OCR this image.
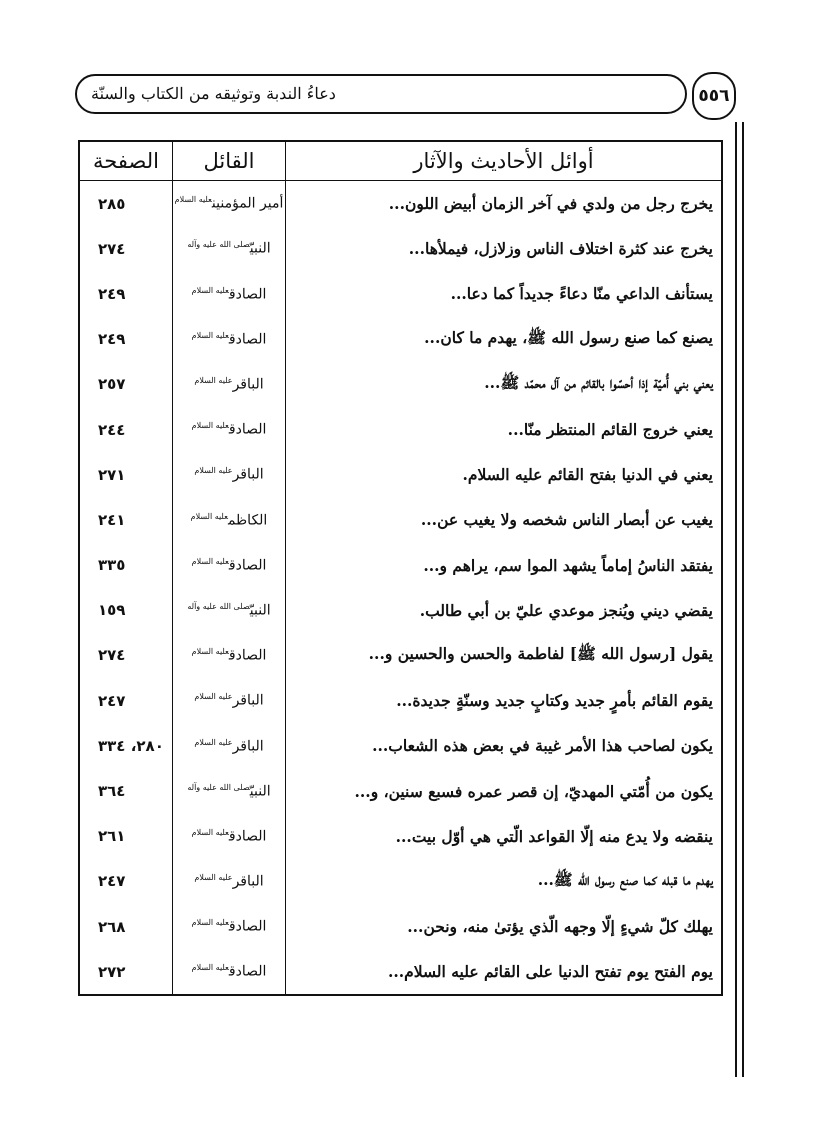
دعاءُ الندبة وتوثيقه من الكتاب والسنّة	٥٥٦
أوائل الأحاديث والآثار	القائل	الصفحة
يخرج رجل من ولدي في آخر الزمان أبيض اللون...	أمير المؤمنين$^{عليه السلام}$	٢٨٥
يخرج عند كثرة اختلاف الناس وزلازل، فيملأها...	النبيّ$^{صلى الله عليه وآله}$	٢٧٤
يستأنف الداعي منّا دعاءً جديداً كما دعا...	الصادق$^{عليه السلام}$	٢٤٩
يصنع كما صنع رسول الله ﷺ، يهدم ما كان...	الصادق$^{عليه السلام}$	٢٤٩
يعني بني أُميّة إذا أحسّوا بالقائم من آل محمّد ﷺ...	الباقر$^{عليه السلام}$	٢٥٧
يعني خروج القائم المنتظر منّا...	الصادق$^{عليه السلام}$	٢٤٤
يعني في الدنيا بفتح القائم عليه السلام.	الباقر$^{عليه السلام}$	٢٧١
يغيب عن أبصار الناس شخصه ولا يغيب عن...	الكاظم$^{عليه السلام}$	٢٤١
يفتقد الناسُ إماماً يشهد الموا سم، يراهم و...	الصادق$^{عليه السلام}$	٣٣٥
يقضي ديني ويُنجز موعدي عليّ بن أبي طالب.	النبيّ$^{صلى الله عليه وآله}$	١٥٩
يقول [رسول الله ﷺ] لفاطمة والحسن والحسين و...	الصادق$^{عليه السلام}$	٢٧٤
يقوم القائم بأمرٍ جديد وكتابٍ جديد وسنّةٍ جديدة...	الباقر$^{عليه السلام}$	٢٤٧
يكون لصاحب هذا الأمر غيبة في بعض هذه الشعاب...	الباقر$^{عليه السلام}$	٢٨٠، ٣٣٤
يكون من أُمّتي المهديّ، إن قصر عمره فسبع سنين، و...	النبيّ$^{صلى الله عليه وآله}$	٣٦٤
ينقضه ولا يدع منه إلّا القواعد الّتي هي أوّل بيت...	الصادق$^{عليه السلام}$	٢٦١
يهدم ما قبله كما صنع رسول الله ﷺ...	الباقر$^{عليه السلام}$	٢٤٧
يهلك كلّ شيءٍ إلّا وجهه الّذي يؤتىٰ منه، ونحن...	الصادق$^{عليه السلام}$	٢٦٨
يوم الفتح يوم تفتح الدنيا على القائم عليه السلام...	الصادق$^{عليه السلام}$	٢٧٢
